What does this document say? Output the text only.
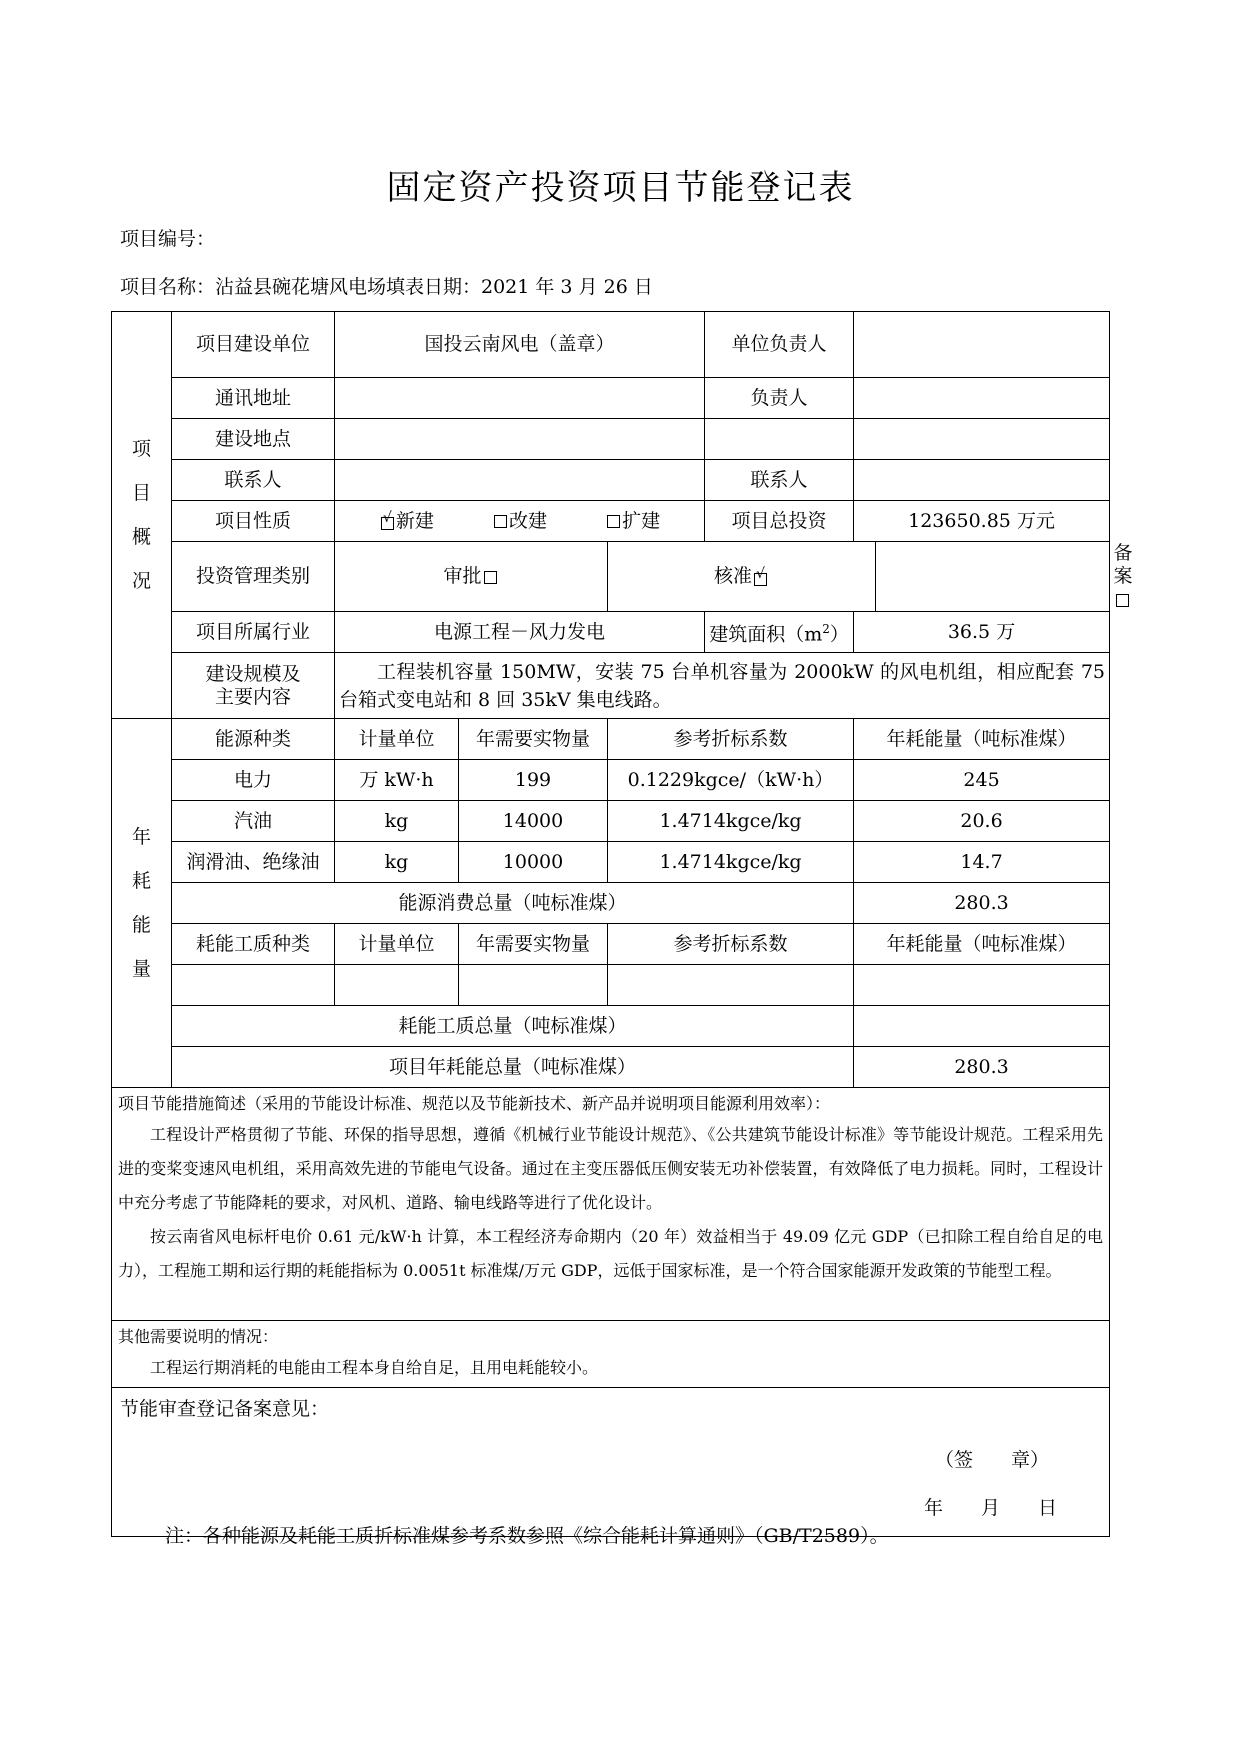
固定资产投资项目节能登记表
项目编号：
项目名称：沾益县碗花塘风电场填表日期：2021 年 3 月 26 日
项
目
概
况	项目建设单位	国投云南风电（盖章）			单位负责人			
	通讯地址				负责人			
	建设地点							
	联系人				联系人			
	项目性质	√新建 改建 扩建			项目总投资	123650.85 万元		
	投资管理类别	审批		核准√				备案
	项目所属行业	电源工程－风力发电			建筑面积$(m^2)$	36.5 万		
	建设规模及
主要内容	工程装机容量 150MW，安装 75 台单机容量为 2000kW 的风电机组，相应配套 75 台箱式变电站和 8 回 35kV 集电线路。						

年
耗
能
量	能源种类	计量单位	年需要实物量	参考折标系数		年耗能量（吨标准煤）		
	电力	万 kW·h	199	0.1229kgce/（kW·h）		245		
	汽油	kg	14000	1.4714kgce/kg		20.6		
	润滑油、绝缘油	kg	10000	1.4714kgce/kg		14.7		
	能源消费总量（吨标准煤）					280.3		
	耗能工质种类	计量单位	年需要实物量	参考折标系数		年耗能量（吨标准煤）		

	耗能工质总量（吨标准煤）							
	项目年耗能总量（吨标准煤）					280.3		

项目节能措施简述（采用的节能设计标准、规范以及节能新技术、新产品并说明项目能源利用效率）：

工程设计严格贯彻了节能、环保的指导思想，遵循《机械行业节能设计规范》、《公共建筑节能设计标准》等节能设计规范。工程采用先进的变桨变速风电机组，采用高效先进的节能电气设备。通过在主变压器低压侧安装无功补偿装置，有效降低了电力损耗。同时，工程设计中充分考虑了节能降耗的要求，对风机、道路、输电线路等进行了优化设计。

按云南省风电标杆电价 0.61 元/kW·h 计算，本工程经济寿命期内（20 年）效益相当于 49.09 亿元 GDP（已扣除工程自给自足的电力），工程施工期和运行期的耗能指标为 0.0051t 标准煤/万元 GDP，远低于国家标准，是一个符合国家能源开发政策的节能型工程。								

其他需要说明的情况：

工程运行期消耗的电能由工程本身自给自足，且用电耗能较小。								

节能审查登记备案意见：
（签　　章）
年　　月　　日								
注：各种能源及耗能工质折标准煤参考系数参照《综合能耗计算通则》（GB/T2589）。
